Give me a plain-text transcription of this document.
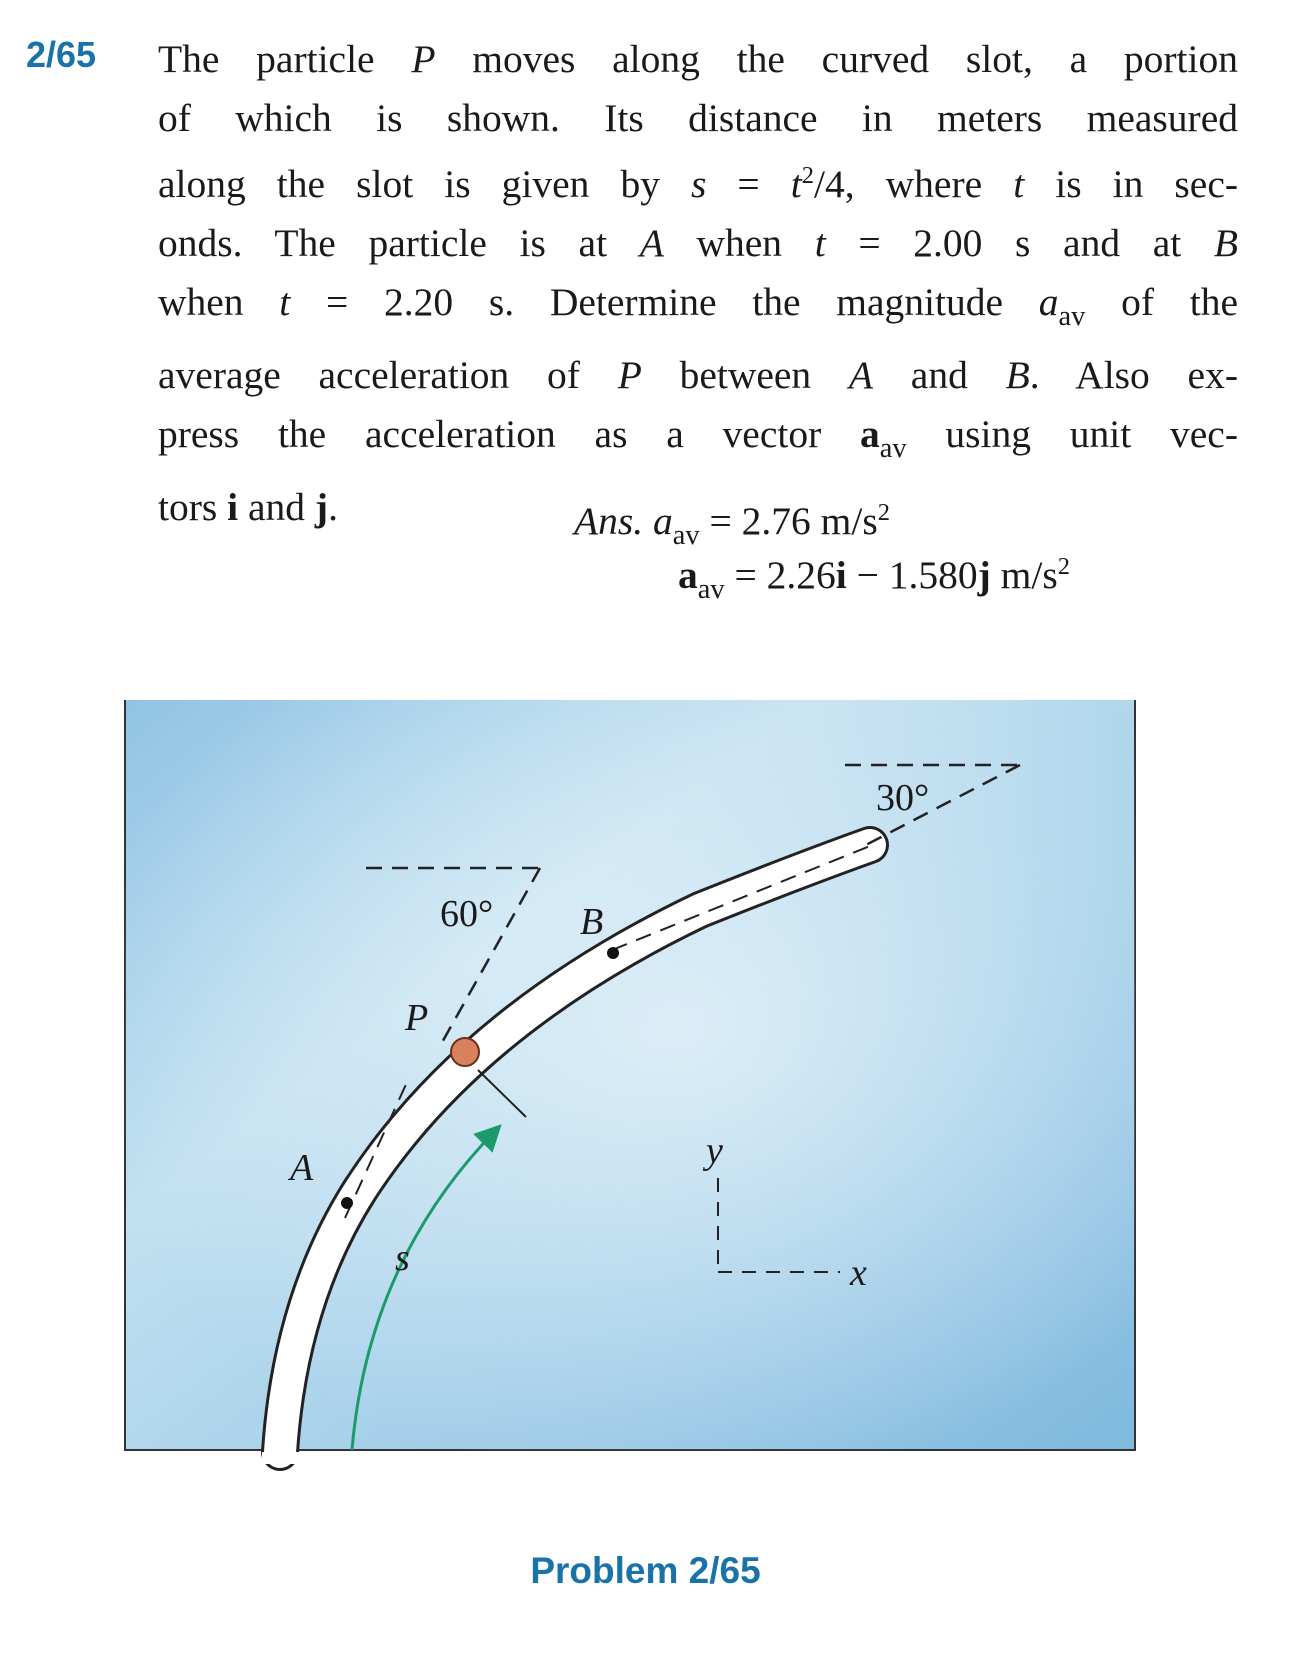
2/65 The particle P moves along the curved slot, a portion
of which is shown. Its distance in meters measured
along the slot is given by $s = t^2/4$, where t is in sec-
onds. The particle is at A when t = 2.00 s and at B
when t = 2.20 s. Determine the magnitude $a_{av}$ of the
average acceleration of P between A and B. Also ex-
press the acceleration as a vector $a_{av}$ using unit vec-
tors i and j.	Ans. $a_{av} = 2.76$ $m/s^2$
$a_{av} = 2.26i - 1.580j$ $m/s^2$
60°
30°
s
A
B
P
y
x
Problem 2/65
